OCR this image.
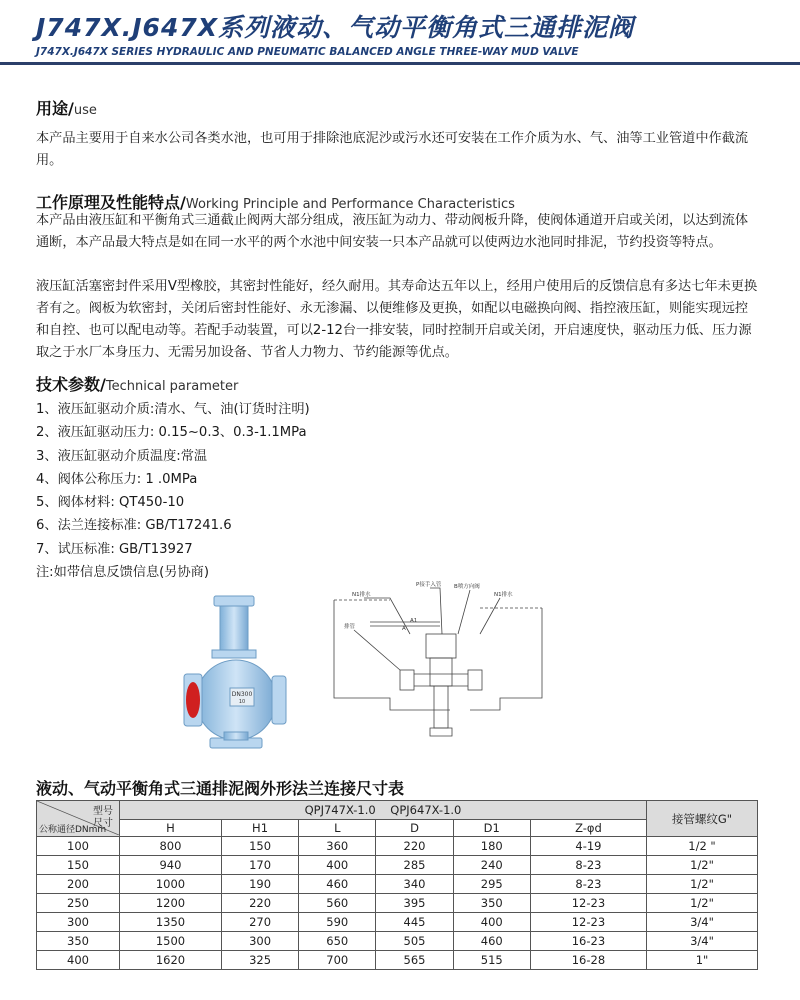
J747X.J647X系列液动、气动平衡角式三通排泥阀
J747X.J647X SERIES HYDRAULIC AND PNEUMATIC BALANCED ANGLE THREE-WAY MUD VALVE
用途/use
本产品主要用于自来水公司各类水池，也可用于排除池底泥沙或污水还可安装在工作介质为水、气、油等工业管道中作截流用。
工作原理及性能特点/Working Principle and Performance Characteristics
本产品由液压缸和平衡角式三通截止阀两大部分组成，液压缸为动力、带动阀板升降，使阀体通道开启或关闭，以达到流体通断，本产品最大特点是如在同一水平的两个水池中间安装一只本产品就可以使两边水池同时排泥，节约投资等特点。
液压缸活塞密封件采用V型橡胶，其密封性能好，经久耐用。其寿命达五年以上，经用户使用后的反馈信息有多达七年未更换者有之。阀板为软密封，关闭后密封性能好、永无渗漏、以便维修及更换，如配以电磁换向阀、指控液压缸，则能实现远控和自控、也可以配电动等。若配手动装置，可以2-12台一排安装，同时控制开启或关闭，开启速度快，驱动压力低、压力源取之于水厂本身压力、无需另加设备、节省人力物力、节约能源等优点。
技术参数/Technical parameter
1、液压缸驱动介质:清水、气、油(订货时注明)
2、液压缸驱动压力: 0.15~0.3、0.3-1.1MPa
3、液压缸驱动介质温度:常温
4、阀体公称压力: 1 .0MPa
5、阀体材料: QT450-10
6、法兰连接标准: GB/T17241.6
7、试压标准: GB/T13927
注:如带信息反馈信息(另协商)
DN300
10
P接手入管
N1排水
B喷方向阀
N1排水
排管	A
A1
液动、气动平衡角式三通排泥阀外形法兰连接尺寸表
型号
尺寸
公称通径DNmm	QPJ747X-1.0    QPJ647X-1.0						接管螺纹G"
	H	H1	L	D	D1	Z-φd	
100	800	150	360	220	180	4-19	1/2 "
150	940	170	400	285	240	8-23	1/2"
200	1000	190	460	340	295	8-23	1/2"
250	1200	220	560	395	350	12-23	1/2"
300	1350	270	590	445	400	12-23	3/4"
350	1500	300	650	505	460	16-23	3/4"
400	1620	325	700	565	515	16-28	1"
